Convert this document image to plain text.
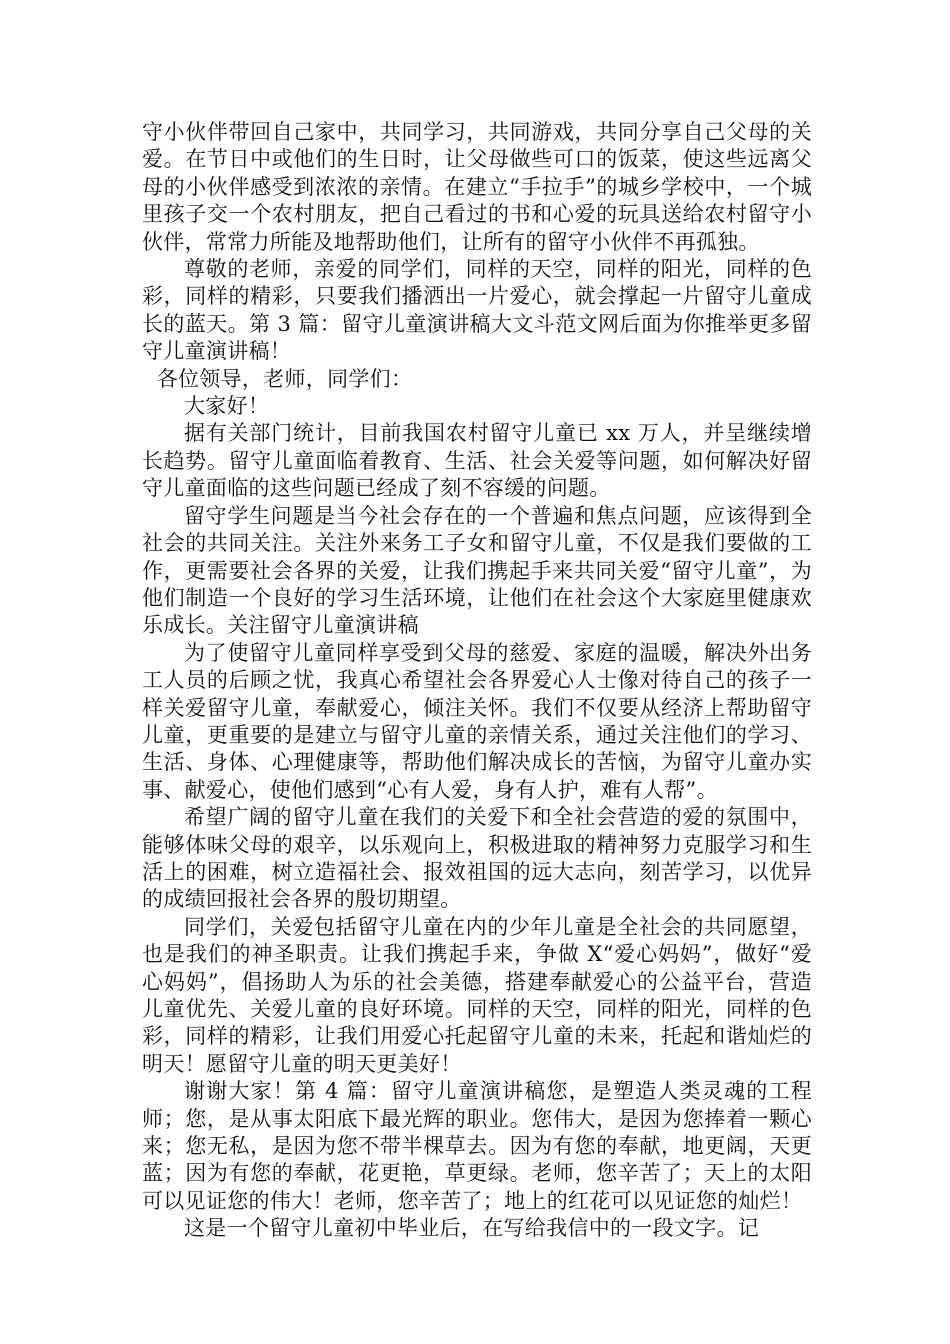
守小伙伴带回自己家中，共同学习，共同游戏，共同分享自己父母的关爱。在节日中或他们的生日时，让父母做些可口的饭菜，使这些远离父母的小伙伴感受到浓浓的亲情。在建立“手拉手”的城乡学校中，一个城里孩子交一个农村朋友，把自己看过的书和心爱的玩具送给农村留守小伙伴，常常力所能及地帮助他们，让所有的留守小伙伴不再孤独。

尊敬的老师，亲爱的同学们，同样的天空，同样的阳光，同样的色彩，同样的精彩，只要我们播洒出一片爱心，就会撑起一片留守儿童成长的蓝天。第 3 篇：留守儿童演讲稿大文斗范文网后面为你推举更多留守儿童演讲稿！

各位领导，老师，同学们：

大家好！

据有关部门统计，目前我国农村留守儿童已 xx 万人，并呈继续增长趋势。留守儿童面临着教育、生活、社会关爱等问题，如何解决好留守儿童面临的这些问题已经成了刻不容缓的问题。

留守学生问题是当今社会存在的一个普遍和焦点问题，应该得到全社会的共同关注。关注外来务工子女和留守儿童，不仅是我们要做的工作，更需要社会各界的关爱，让我们携起手来共同关爱“留守儿童”，为他们制造一个良好的学习生活环境，让他们在社会这个大家庭里健康欢乐成长。关注留守儿童演讲稿

为了使留守儿童同样享受到父母的慈爱、家庭的温暖，解决外出务工人员的后顾之忧，我真心希望社会各界爱心人士像对待自己的孩子一样关爱留守儿童，奉献爱心，倾注关怀。我们不仅要从经济上帮助留守儿童，更重要的是建立与留守儿童的亲情关系，通过关注他们的学习、生活、身体、心理健康等，帮助他们解决成长的苦恼，为留守儿童办实事、献爱心，使他们感到“心有人爱，身有人护，难有人帮”。

希望广阔的留守儿童在我们的关爱下和全社会营造的爱的氛围中，能够体味父母的艰辛，以乐观向上，积极进取的精神努力克服学习和生活上的困难，树立造福社会、报效祖国的远大志向，刻苦学习，以优异的成绩回报社会各界的殷切期望。

同学们，关爱包括留守儿童在内的少年儿童是全社会的共同愿望，也是我们的神圣职责。让我们携起手来，争做 X“爱心妈妈”，做好“爱心妈妈”，倡扬助人为乐的社会美德，搭建奉献爱心的公益平台，营造儿童优先、关爱儿童的良好环境。同样的天空，同样的阳光，同样的色彩，同样的精彩，让我们用爱心托起留守儿童的未来，托起和谐灿烂的明天！愿留守儿童的明天更美好！

谢谢大家！第 4 篇：留守儿童演讲稿您，是塑造人类灵魂的工程师；您，是从事太阳底下最光辉的职业。您伟大，是因为您捧着一颗心来；您无私，是因为您不带半棵草去。因为有您的奉献，地更阔，天更蓝；因为有您的奉献，花更艳，草更绿。老师，您辛苦了；天上的太阳可以见证您的伟大！老师，您辛苦了；地上的红花可以见证您的灿烂！

这是一个留守儿童初中毕业后，在写给我信中的一段文字。记
